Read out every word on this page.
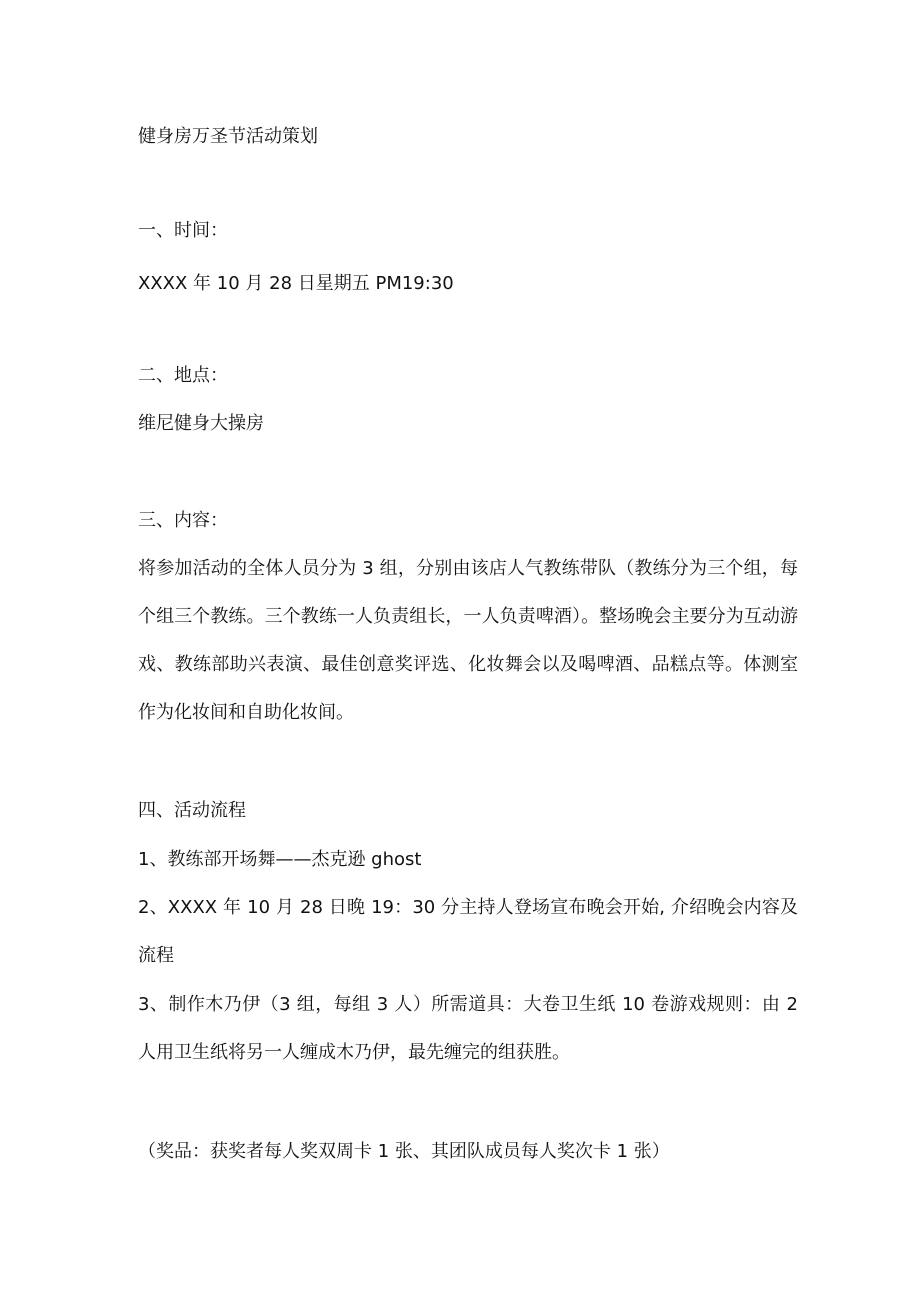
健身房万圣节活动策划
一、时间：
XXXX 年 10 月 28 日星期五 PM19:30
二、地点：
维尼健身大操房
三、内容：
将参加活动的全体人员分为 3 组，分别由该店人气教练带队（教练分为三个组，每个组三个教练。三个教练一人负责组长，一人负责啤酒）。整场晚会主要分为互动游戏、教练部助兴表演、最佳创意奖评选、化妆舞会以及喝啤酒、品糕点等。体测室作为化妆间和自助化妆间。
四、活动流程
1、教练部开场舞——杰克逊 ghost
2、XXXX 年 10 月 28 日晚 19：30 分主持人登场宣布晚会开始, 介绍晚会内容及流程
3、制作木乃伊（3 组，每组 3 人）所需道具：大卷卫生纸 10 卷游戏规则：由 2 人用卫生纸将另一人缠成木乃伊，最先缠完的组获胜。
（奖品：获奖者每人奖双周卡 1 张、其团队成员每人奖次卡 1 张）
